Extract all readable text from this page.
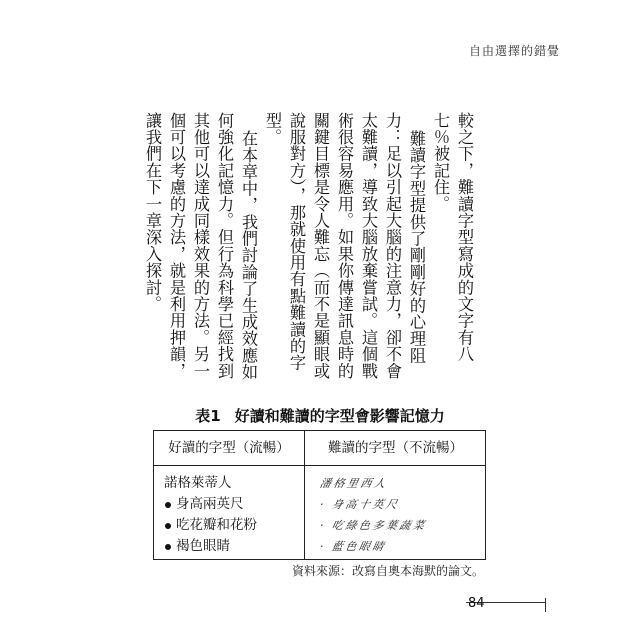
自由選擇的錯覺

較之下，難讀字型寫成的文字有八七％被記住。

難讀字型提供了剛剛好的心理阻力：足以引起大腦的注意力，卻不會太難讀，導致大腦放棄嘗試。這個戰術很容易應用。如果你傳達訊息時的關鍵目標是令人難忘（而不是顯眼或說服對方），那就使用有點難讀的字型。

在本章中，我們討論了生成效應如何強化記憶力。但行為科學已經找到其他可以達成同樣效果的方法。另一個可以考慮的方法，就是利用押韻，讓我們在下一章深入探討。

表1 好讀和難讀的字型會影響記憶力
好讀的字型（流暢）	難讀的字型（不流暢）
諾格萊蒂人
身高兩英尺
吃花瓣和花粉
褐色眼睛
潘格里西人
· 身高十英尺
· 吃綠色多葉蔬菜
· 藍色眼睛
資料來源：改寫自奧本海默的論文。
84
